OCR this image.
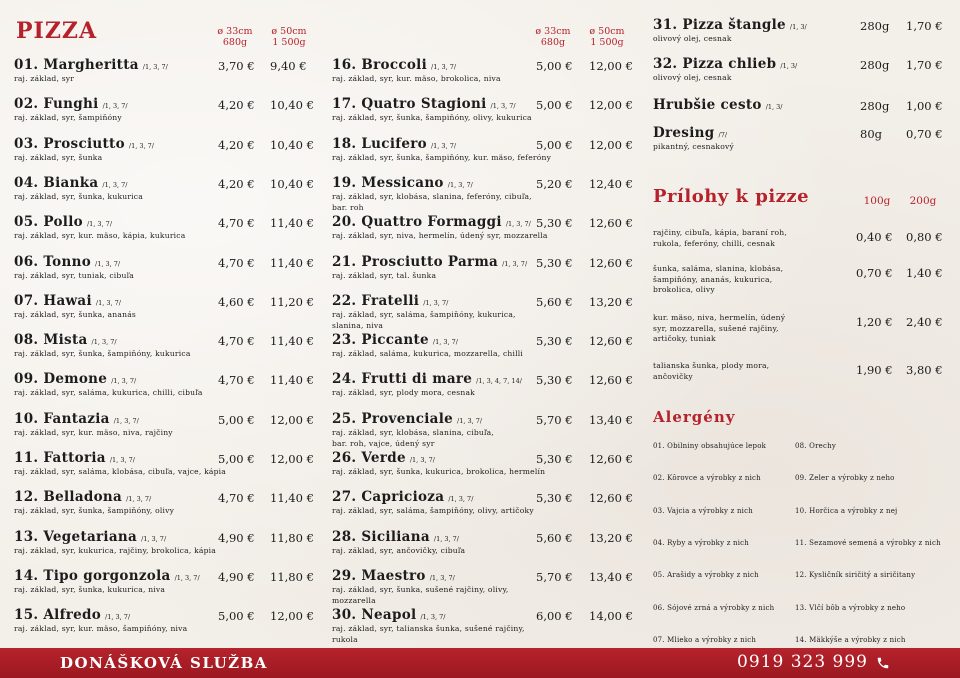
PIZZA	ø 33cm
680g
ø 50cm
1 500g
01. Margheritta /1, 3, 7/
raj. základ, syr
3,70 € 9,40 €
02. Funghi /1, 3, 7/
raj. základ, syr, šampiňóny
4,20 € 10,40 €
03. Prosciutto /1, 3, 7/
raj. základ, syr, šunka
4,20 € 10,40 €
04. Bianka /1, 3, 7/
raj. základ, syr, šunka, kukurica
4,20 € 10,40 €
05. Pollo /1, 3, 7/
raj. základ, syr, kur. mäso, kápia, kukurica
4,70 € 11,40 €
06. Tonno /1, 3, 7/
raj. základ, syr, tuniak, cibuľa
4,70 € 11,40 €
07. Hawai /1, 3, 7/
raj. základ, syr, šunka, ananás
4,60 € 11,20 €
08. Mista /1, 3, 7/
raj. základ, syr, šunka, šampiňóny, kukurica
4,70 € 11,40 €
09. Demone /1, 3, 7/
raj. základ, syr, saláma, kukurica, chilli, cibuľa
4,70 € 11,40 €
10. Fantazia /1, 3, 7/
raj. základ, syr, kur. mäso, niva, rajčiny
5,00 € 12,00 €
11. Fattoria /1, 3, 7/
raj. základ, syr, saláma, klobása, cibuľa, vajce, kápia
5,00 € 12,00 €
12. Belladona /1, 3, 7/
raj. základ, syr, šunka, šampiňóny, olivy
4,70 € 11,40 €
13. Vegetariana /1, 3, 7/
raj. základ, syr, kukurica, rajčiny, brokolica, kápia
4,90 € 11,80 €
14. Tipo gorgonzola /1, 3, 7/
raj. základ, syr, šunka, kukurica, niva
4,90 € 11,80 €
15. Alfredo /1, 3, 7/
raj. základ, syr, kur. mäso, šampiňóny, niva
5,00 € 12,00 €
ø 33cm
680g
ø 50cm
1 500g
16. Broccoli /1, 3, 7/
raj. základ, syr, kur. mäso, brokolica, niva
5,00 € 12,00 €
17. Quatro Stagioni /1, 3, 7/
raj. základ, syr, šunka, šampiňóny, olivy, kukurica
5,00 € 12,00 €
18. Lucifero /1, 3, 7/
raj. základ, syr, šunka, šampiňóny, kur. mäso, feferóny
5,00 € 12,00 €
19. Messicano /1, 3, 7/
raj. základ, syr, klobása, slanina, feferóny, cibuľa,
bar. roh
5,20 € 12,40 €
20. Quattro Formaggi /1, 3, 7/
raj. základ, syr, niva, hermelín, údený syr, mozzarella
5,30 € 12,60 €
21. Prosciutto Parma /1, 3, 7/
raj. základ, syr, tal. šunka
5,30 € 12,60 €
22. Fratelli /1, 3, 7/
raj. základ, syr, saláma, šampiňóny, kukurica,
slanina, niva
5,60 € 13,20 €
23. Piccante /1, 3, 7/
raj. základ, saláma, kukurica, mozzarella, chilli
5,30 € 12,60 €
24. Frutti di mare /1, 3, 4, 7, 14/
raj. základ, syr, plody mora, cesnak
5,30 € 12,60 €
25. Provenciale /1, 3, 7/
raj. základ, syr, klobása, slanina, cibuľa,
bar. roh, vajce, údený syr
5,70 € 13,40 €
26. Verde /1, 3, 7/
raj. základ, syr, šunka, kukurica, brokolica, hermelín
5,30 € 12,60 €
27. Capricioza /1, 3, 7/
raj. základ, syr, saláma, šampiňóny, olivy, artičoky
5,30 € 12,60 €
28. Siciliana /1, 3, 7/
raj. základ, syr, ančovičky, cibuľa
5,60 € 13,20 €
29. Maestro /1, 3, 7/
raj. základ, syr, šunka, sušené rajčiny, olivy,
mozzarella
5,70 € 13,40 €
30. Neapol /1, 3, 7/
raj. základ, syr, talianska šunka, sušené rajčiny,
rukola
6,00 € 14,00 €
31. Pizza štangle /1, 3/
olivový olej, cesnak
280g 1,70 €
32. Pizza chlieb /1, 3/
olivový olej, cesnak
280g 1,70 €
Hrubšie cesto /1, 3/	280g 1,00 €
Dresing /7/
pikantný, cesnakový
80g 0,70 €
Prílohy k pizze	100g	200g
rajčiny, cibuľa, kápia, baraní roh,
rukola, feferóny, chilli, cesnak	0,40 € 0,80 €
šunka, saláma, slanina, klobása,
šampiňóny, ananás, kukurica,
brokolica, olivy
0,70 € 1,40 €
kur. mäso, niva, hermelín, údený
syr, mozzarella, sušené rajčiny,
artičoky, tuniak
1,20 € 2,40 €
talianska šunka, plody mora,
ančovičky	1,90 € 3,80 €
Alergény
01. Obilniny obsahujúce lepok
02. Kôrovce a výrobky z nich
03. Vajcia a výrobky z nich
04. Ryby a výrobky z nich
05. Arašidy a výrobky z nich
06. Sójové zrná a výrobky z nich
07. Mlieko a výrobky z nich
08. Orechy
09. Zeler a výrobky z neho
10. Horčica a výrobky z nej
11. Sezamové semená a výrobky z nich
12. Kysličník siričitý a siričitany
13. Vlčí bôb a výrobky z neho
14. Mäkkýše a výrobky z nich
DONÁŠKOVÁ SLUŽBA	0919 323 999
